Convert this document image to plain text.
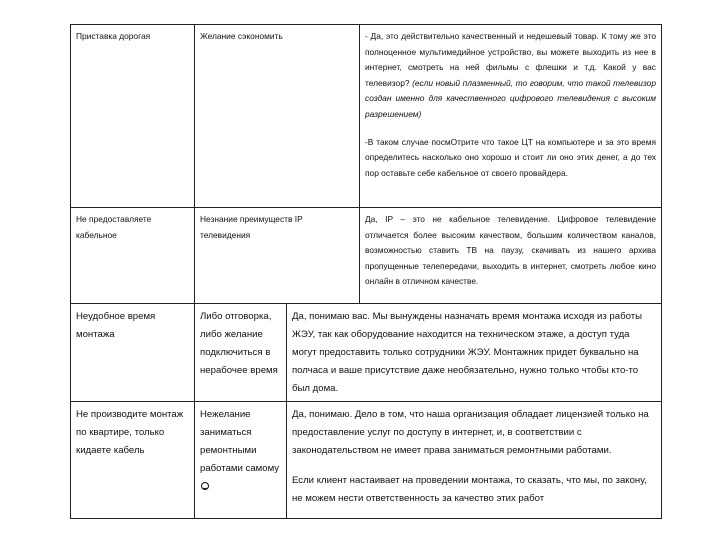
Приставка дорогая	Желание сэкономить		- Да, это действительно качественный и недешевый товар. К тому же это полноценное мультимедийное устройство, вы можете выходить из нее в интернет, смотреть на ней фильмы с флешки и т.д. Какой у вас телевизор? (если новый плазменный, то говорим, что такой телевизор создан именно для качественного цифрового телевидения с высоким разрешением)
-В таком случае посмОтрите что такое ЦТ на компьютере и за это время определитесь насколько оно хорошо и стоит ли оно этих денег, а до тех пор оставьте себе кабельное от своего провайдера.

Не предоставляете кабельное	Незнание преимуществ IP телевидения		Да, IP – это не кабельное телевидение. Цифровое телевидение отличается более высоким качеством, большим количеством каналов, возможностью ставить ТВ на паузу, скачивать из нашего архива пропущенные телепередачи, выходить в интернет, смотреть любое кино онлайн в отличном качестве.

Неудобное время монтажа	Либо отговорка, либо желание подключиться в нерабочее время	Да, понимаю вас. Мы вынуждены назначать время монтажа исходя из работы ЖЭУ, так как оборудование находится на техническом этаже, а доступ туда могут предоставить только сотрудники ЖЭУ. Монтажник придет буквально на полчаса и ваше присутствие даже необязательно, нужно только чтобы кто-то был дома.	

Не производите монтаж по квартире, только кидаете кабель	Нежелание заниматься ремонтными работами самому	Да, понимаю. Дело в том, что наша организация обладает лицензией только на предоставление услуг по доступу в интернет, и, в соответствии с законодательством не имеет права заниматься ремонтными работами.
Если клиент настаивает на проведении монтажа, то сказать, что мы, по закону, не можем нести ответственность за качество этих работ	
